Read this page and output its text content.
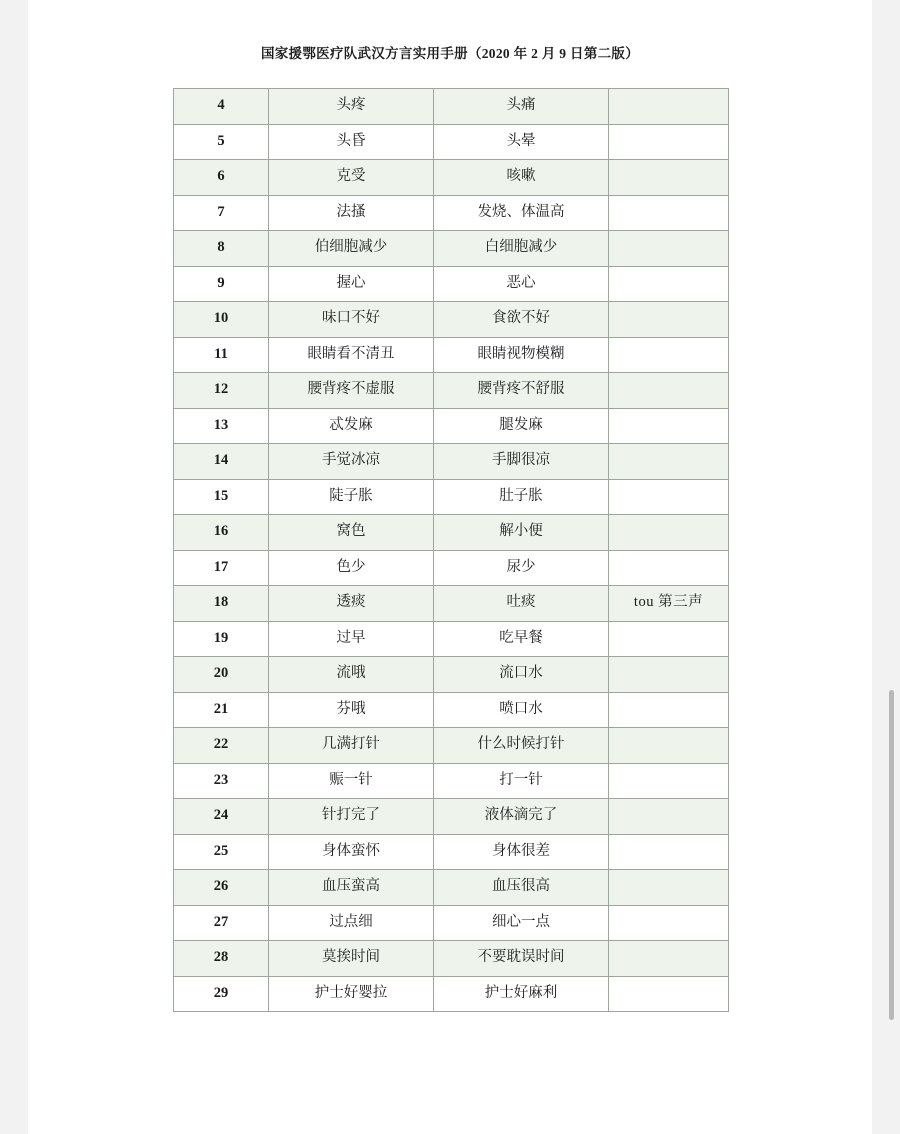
国家援鄂医疗队武汉方言实用手册（2020 年 2 月 9 日第二版）
4	头疼	头痛	
5	头昏	头晕	
6	克受	咳嗽	
7	法搔	发烧、体温高	
8	伯细胞减少	白细胞减少	
9	握心	恶心	
10	味口不好	食欲不好	
11	眼睛看不清丑	眼睛视物模糊	
12	腰背疼不虚服	腰背疼不舒服	
13	忒发麻	腿发麻	
14	手觉冰凉	手脚很凉	
15	陡子胀	肚子胀	
16	窝色	解小便	
17	色少	尿少	
18	透痰	吐痰	tou 第三声
19	过早	吃早餐	
20	流哦	流口水	
21	芬哦	喷口水	
22	几满打针	什么时候打针	
23	赈一针	打一针	
24	针打完了	液体滴完了	
25	身体蛮怀	身体很差	
26	血压蛮高	血压很高	
27	过点细	细心一点	
28	莫挨时间	不要耽误时间	
29	护士好婴拉	护士好麻利	
